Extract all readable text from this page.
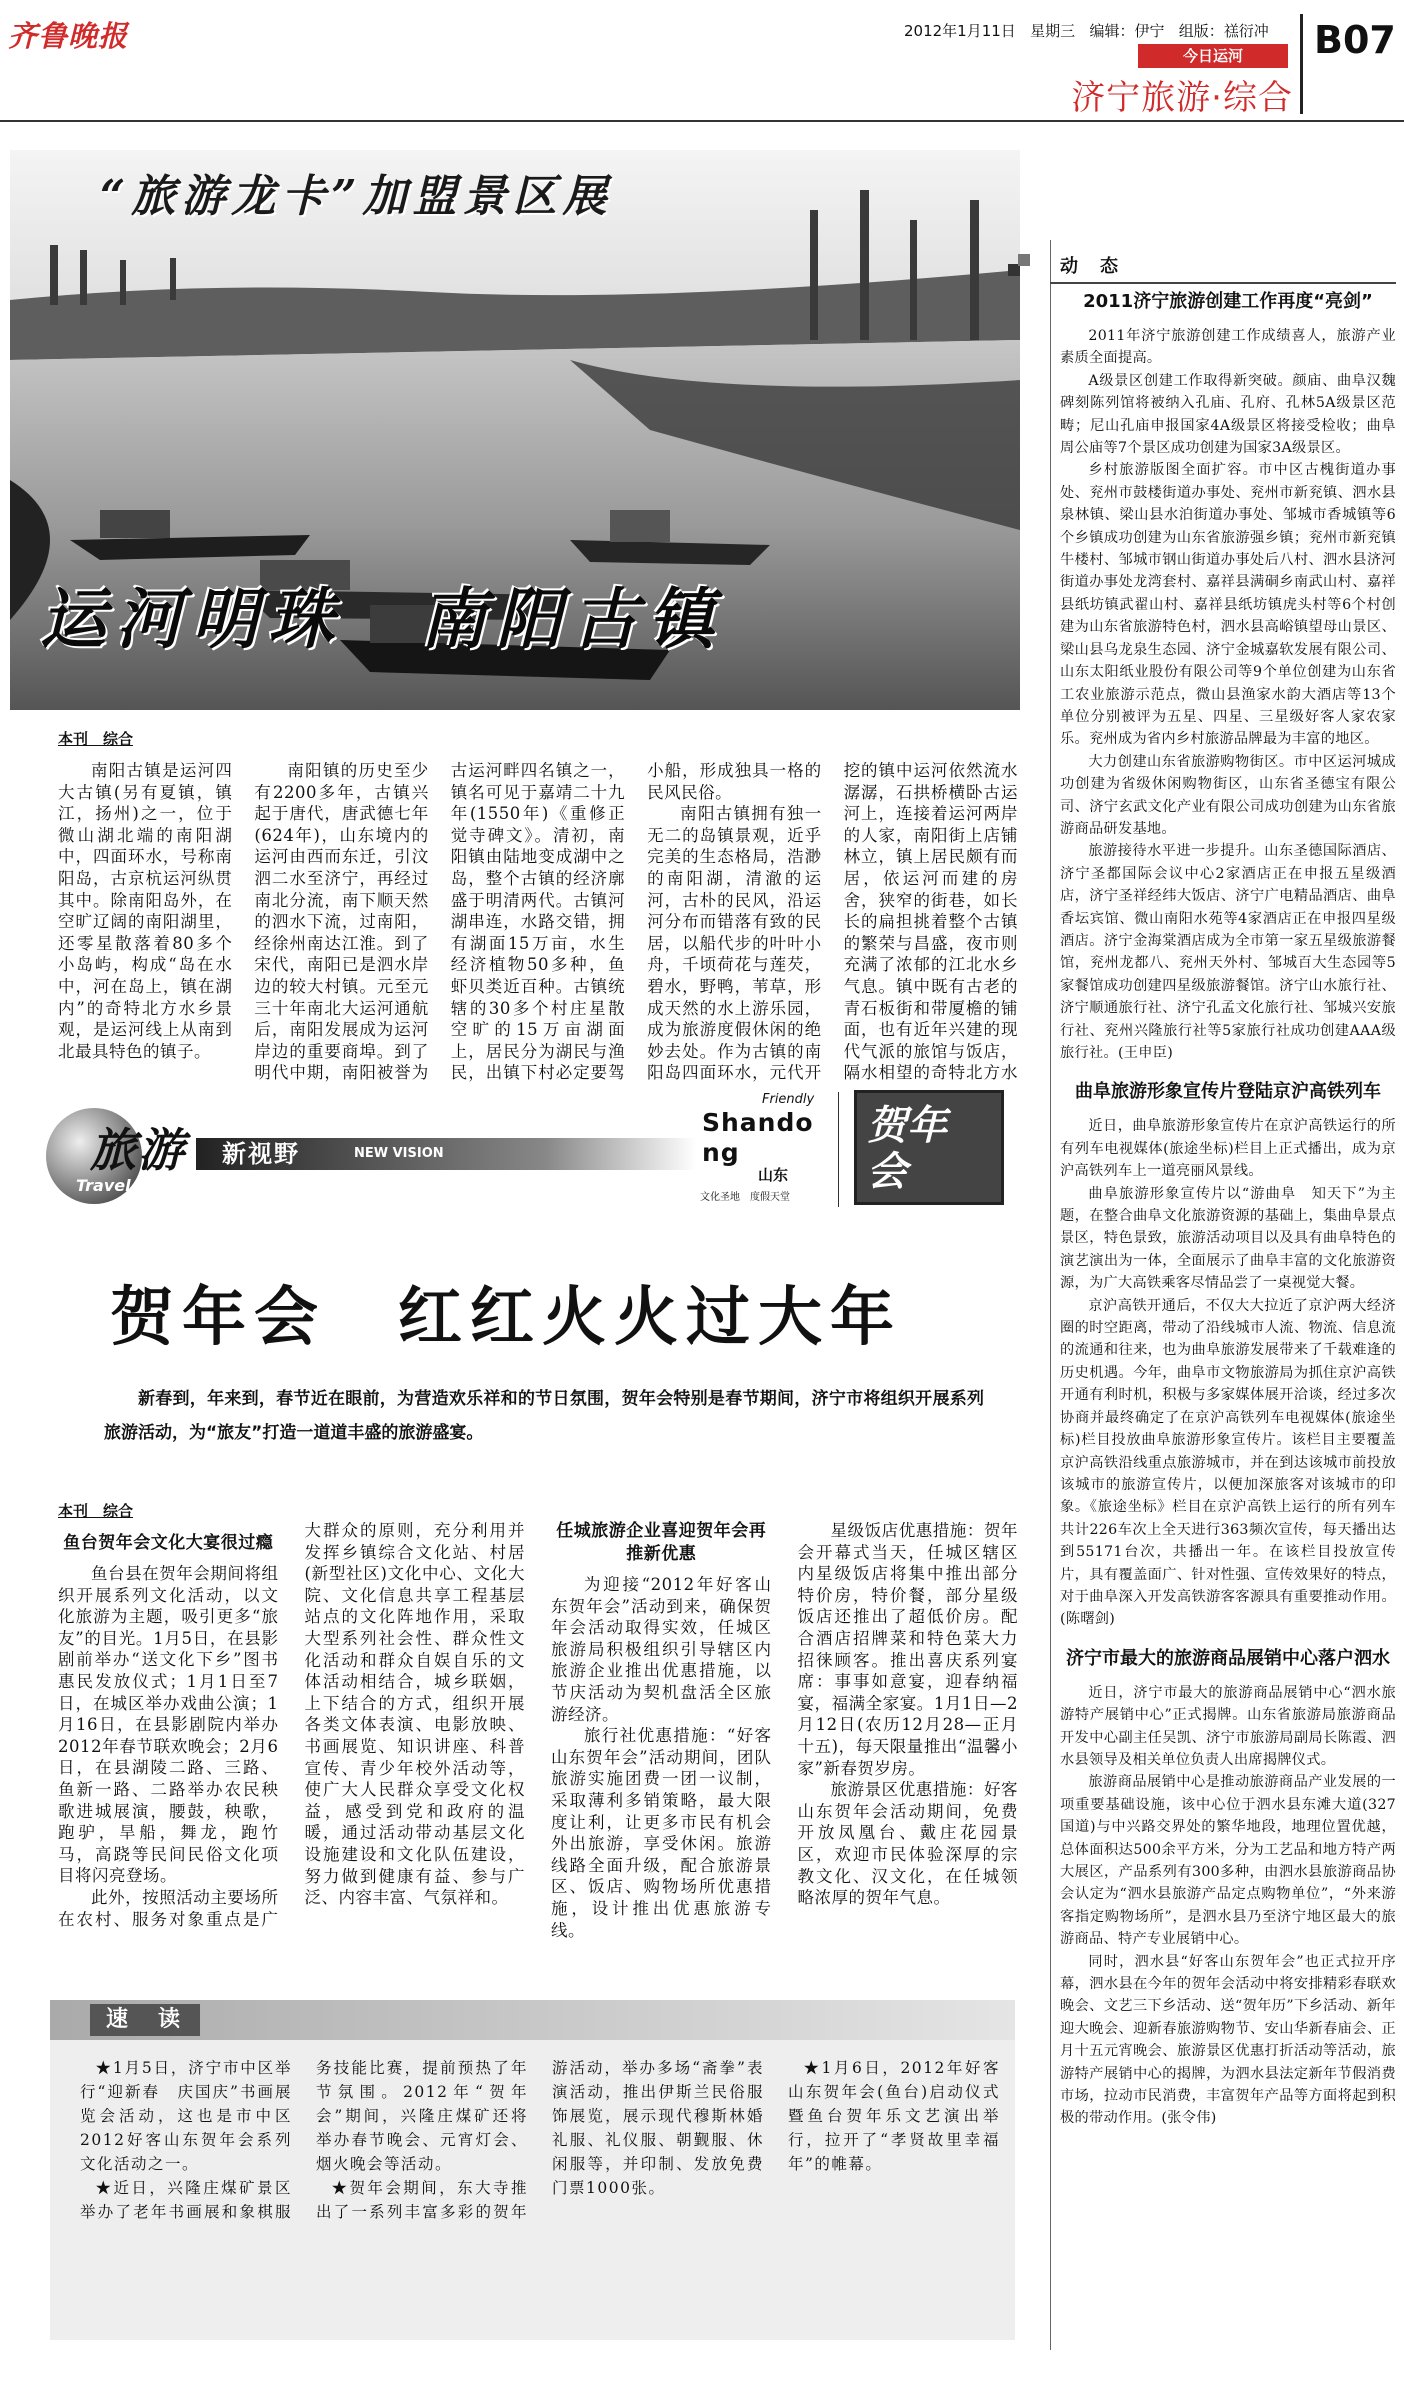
齐鲁晚报	2012年1月11日 星期三 编辑：伊宁 组版：禚衍冲
今日运河
济宁旅游·综合
B07
“旅游龙卡”加盟景区展
运河明珠　南阳古镇
本刊　综合

南阳古镇是运河四大古镇(另有夏镇，镇江，扬州)之一，位于微山湖北端的南阳湖中，四面环水，号称南阳岛，古京杭运河纵贯其中。除南阳岛外，在空旷辽阔的南阳湖里，还零星散落着80多个小岛屿，构成“岛在水中，河在岛上，镇在湖内”的奇特北方水乡景观，是运河线上从南到北最具特色的镇子。

南阳镇的历史至少有2200多年，古镇兴起于唐代，唐武德七年(624年)，山东境内的运河由西而东迁，引汶泗二水至济宁，再经过南北分流，南下顺天然的泗水下流，过南阳，经徐州南达江淮。到了宋代，南阳已是泗水岸边的较大村镇。元至元三十年南北大运河通航后，南阳发展成为运河岸边的重要商埠。到了明代中期，南阳被誉为古运河畔四名镇之一，镇名可见于嘉靖二十九年(1550年)《重修正觉寺碑文》。清初，南阳镇由陆地变成湖中之岛，整个古镇的经济廓盛于明清两代。古镇河湖串连，水路交错，拥有湖面15万亩，水生经济植物50多种，鱼虾贝类近百种。古镇统辖的30多个村庄星散空旷的15万亩湖面上，居民分为湖民与渔民，出镇下村必定要驾小船，形成独具一格的民风民俗。

南阳古镇拥有独一无二的岛镇景观，近乎完美的生态格局，浩渺的南阳湖，清澈的运河，古朴的民风，沿运河分布而错落有致的民居，以船代步的叶叶小舟，千顷荷花与莲芡，碧水，野鸭，苇草，形成天然的水上游乐园，成为旅游度假休闲的绝妙去处。作为古镇的南阳岛四面环水，元代开挖的镇中运河依然流水潺潺，石拱桥横卧古运河上，连接着运河两岸的人家，南阳街上店铺林立，镇上居民颇有而居，依运河而建的房舍，狭窄的街巷，如长长的扁担挑着整个古镇的繁荣与昌盛，夜市则充满了浓郁的江北水乡气息。镇中既有古老的青石板街和带厦檐的铺面，也有近年兴建的现代气派的旅馆与饭店，隔水相望的奇特北方水

旅游
Travel
新视野	NEW VISION
Friendly
Shandong
山东
文化圣地　度假天堂
贺年会
贺年会　红红火火过大年
新春到，年来到，春节近在眼前，为营造欢乐祥和的节日氛围，贺年会特别是春节期间，济宁市将组织开展系列旅游活动，为“旅友”打造一道道丰盛的旅游盛宴。
本刊　综合
鱼台贺年会文化大宴很过瘾

鱼台县在贺年会期间将组织开展系列文化活动，以文化旅游为主题，吸引更多“旅友”的目光。1月5日，在县影剧前举办“送文化下乡”图书惠民发放仪式；1月1日至7日，在城区举办戏曲公演；1月16日，在县影剧院内举办2012年春节联欢晚会；2月6日，在县湖陵二路、三路、鱼新一路、二路举办农民秧歌进城展演，腰鼓，秧歌，跑驴，旱船，舞龙，跑竹马，高跷等民间民俗文化项目将闪亮登场。

此外，按照活动主要场所在农村、服务对象重点是广大群众的原则，充分利用并发挥乡镇综合文化站、村居(新型社区)文化中心、文化大院、文化信息共享工程基层站点的文化阵地作用，采取大型系列社会性、群众性文化活动和群众自娱自乐的文体活动相结合，城乡联姻，上下结合的方式，组织开展各类文体表演、电影放映、书画展览、知识讲座、科普宣传、青少年校外活动等，使广大人民群众享受文化权益，感受到党和政府的温暖，通过活动带动基层文化设施建设和文化队伍建设，努力做到健康有益、参与广泛、内容丰富、气氛祥和。

任城旅游企业喜迎贺年会再推新优惠

为迎接“2012年好客山东贺年会”活动到来，确保贺年会活动取得实效，任城区旅游局积极组织引导辖区内旅游企业推出优惠措施，以节庆活动为契机盘活全区旅游经济。

旅行社优惠措施：“好客山东贺年会”活动期间，团队旅游实施团费一团一议制，采取薄利多销策略，最大限度让利，让更多市民有机会外出旅游，享受休闲。旅游线路全面升级，配合旅游景区、饭店、购物场所优惠措施，设计推出优惠旅游专线。

星级饭店优惠措施：贺年会开幕式当天，任城区辖区内星级饭店将集中推出部分特价房，特价餐，部分星级饭店还推出了超低价房。配合酒店招牌菜和特色菜大力招徕顾客。推出喜庆系列宴席：事事如意宴，迎春纳福宴，福满全家宴。1月1日—2月12日(农历12月28—正月十五)，每天限量推出“温馨小家”新春贺岁房。

旅游景区优惠措施：好客山东贺年会活动期间，免费开放凤凰台、戴庄花园景区，欢迎市民体验深厚的宗教文化、汉文化，在任城领略浓厚的贺年气息。

速　读

★1月5日，济宁市中区举行“迎新春　庆国庆”书画展览会活动，这也是市中区2012好客山东贺年会系列文化活动之一。

★近日，兴隆庄煤矿景区举办了老年书画展和象棋服务技能比赛，提前预热了年节氛围。2012年“贺年会”期间，兴隆庄煤矿还将举办春节晚会、元宵灯会、烟火晚会等活动。

★贺年会期间，东大寺推出了一系列丰富多彩的贺年游活动，举办多场“斋拳”表演活动，推出伊斯兰民俗服饰展览，展示现代穆斯林婚礼服、礼仪服、朝觐服、休闲服等，并印制、发放免费门票1000张。

★1月6日，2012年好客山东贺年会(鱼台)启动仪式暨鱼台贺年乐文艺演出举行，拉开了“孝贤故里幸福年”的帷幕。

动　态
2011济宁旅游创建工作再度“亮剑”

2011年济宁旅游创建工作成绩喜人，旅游产业素质全面提高。

A级景区创建工作取得新突破。颜庙、曲阜汉魏碑刻陈列馆将被纳入孔庙、孔府、孔林5A级景区范畴；尼山孔庙申报国家4A级景区将接受检收；曲阜周公庙等7个景区成功创建为国家3A级景区。

乡村旅游版图全面扩容。市中区古槐街道办事处、兖州市鼓楼街道办事处、兖州市新兖镇、泗水县泉林镇、梁山县水泊街道办事处、邹城市香城镇等6个乡镇成功创建为山东省旅游强乡镇；兖州市新兖镇牛楼村、邹城市钢山街道办事处后八村、泗水县济河街道办事处龙湾套村、嘉祥县满硐乡南武山村、嘉祥县纸坊镇武翟山村、嘉祥县纸坊镇虎头村等6个村创建为山东省旅游特色村，泗水县高峪镇望母山景区、梁山县乌龙泉生态园、济宁金城嘉软发展有限公司、山东太阳纸业股份有限公司等9个单位创建为山东省工农业旅游示范点，微山县渔家水韵大酒店等13个单位分别被评为五星、四星、三星级好客人家农家乐。兖州成为省内乡村旅游品牌最为丰富的地区。

大力创建山东省旅游购物街区。市中区运河城成功创建为省级休闲购物街区，山东省圣德宝有限公司、济宁玄武文化产业有限公司成功创建为山东省旅游商品研发基地。

旅游接待水平进一步提升。山东圣德国际酒店、济宁圣都国际会议中心2家酒店正在申报五星级酒店，济宁圣祥经纬大饭店、济宁广电精品酒店、曲阜香坛宾馆、微山南阳水苑等4家酒店正在申报四星级酒店。济宁金海棠酒店成为全市第一家五星级旅游餐馆，兖州龙都八、兖州天外村、邹城百大生态园等5家餐馆成功创建四星级旅游餐馆。济宁山水旅行社、济宁顺通旅行社、济宁孔孟文化旅行社、邹城兴安旅行社、兖州兴隆旅行社等5家旅行社成功创建AAA级旅行社。(王申臣)

曲阜旅游形象宣传片登陆京沪高铁列车

近日，曲阜旅游形象宣传片在京沪高铁运行的所有列车电视媒体(旅途坐标)栏目上正式播出，成为京沪高铁列车上一道亮丽风景线。

曲阜旅游形象宣传片以“游曲阜　知天下”为主题，在整合曲阜文化旅游资源的基础上，集曲阜景点景区，特色景致，旅游活动项目以及具有曲阜特色的演艺演出为一体，全面展示了曲阜丰富的文化旅游资源，为广大高铁乘客尽情品尝了一桌视觉大餐。

京沪高铁开通后，不仅大大拉近了京沪两大经济圈的时空距离，带动了沿线城市人流、物流、信息流的流通和往来，也为曲阜旅游发展带来了千载难逢的历史机遇。今年，曲阜市文物旅游局为抓住京沪高铁开通有利时机，积极与多家媒体展开洽谈，经过多次协商并最终确定了在京沪高铁列车电视媒体(旅途坐标)栏目投放曲阜旅游形象宣传片。该栏目主要覆盖京沪高铁沿线重点旅游城市，并在到达该城市前投放该城市的旅游宣传片，以便加深旅客对该城市的印象。《旅途坐标》栏目在京沪高铁上运行的所有列车共计226车次上全天进行363频次宣传，每天播出达到55171台次，共播出一年。在该栏目投放宣传片，具有覆盖面广、针对性强、宣传效果好的特点，对于曲阜深入开发高铁游客客源具有重要推动作用。(陈曙剑)

济宁市最大的旅游商品展销中心落户泗水

近日，济宁市最大的旅游商品展销中心“泗水旅游特产展销中心”正式揭牌。山东省旅游局旅游商品开发中心副主任吴凯、济宁市旅游局副局长陈霞、泗水县领导及相关单位负责人出席揭牌仪式。

旅游商品展销中心是推动旅游商品产业发展的一项重要基础设施，该中心位于泗水县东滩大道(327国道)与中兴路交界处的繁华地段，地理位置优越，总体面积达500余平方米，分为工艺品和地方特产两大展区，产品系列有300多种，由泗水县旅游商品协会认定为“泗水县旅游产品定点购物单位”，“外来游客指定购物场所”，是泗水县乃至济宁地区最大的旅游商品、特产专业展销中心。

同时，泗水县“好客山东贺年会”也正式拉开序幕，泗水县在今年的贺年会活动中将安排精彩春联欢晚会、文艺三下乡活动、送“贺年历”下乡活动、新年迎大晚会、迎新春旅游购物节、安山华新春庙会、正月十五元宵晚会、旅游景区优惠打折活动等活动，旅游特产展销中心的揭牌，为泗水县法定新年节假消费市场，拉动市民消费，丰富贺年产品等方面将起到积极的带动作用。(张令伟)
